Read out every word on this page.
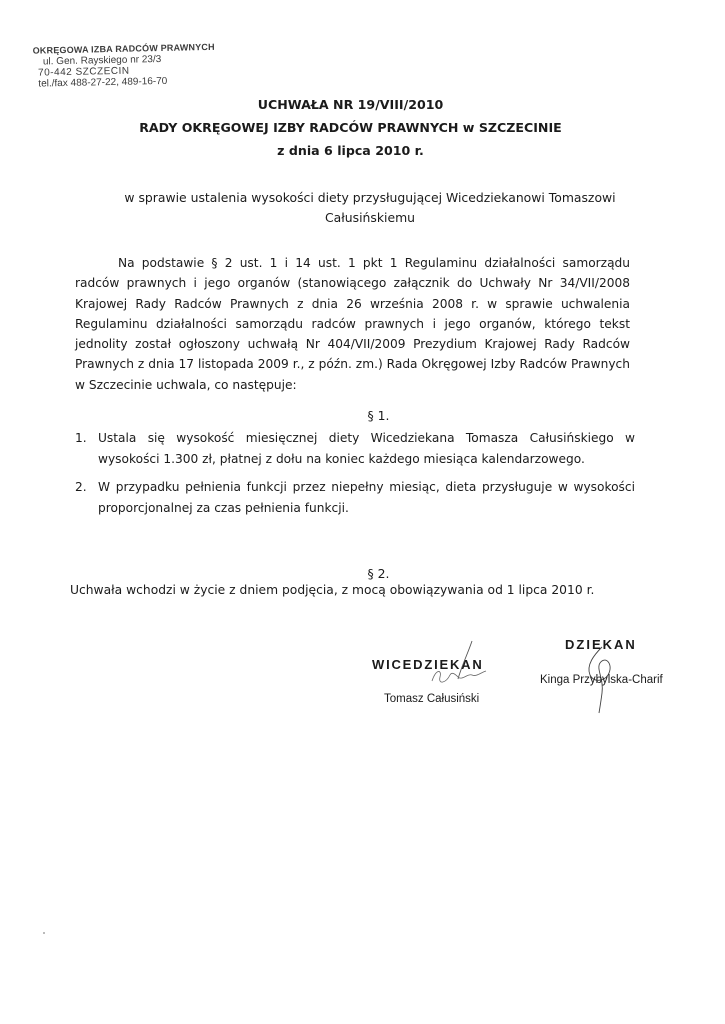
OKRĘGOWA IZBA RADCÓW PRAWNYCH
ul. Gen. Rayskiego nr 23/3
70-442 SZCZECIN
tel./fax 488-27-22, 489-16-70
UCHWAŁA NR 19/VIII/2010
RADY OKRĘGOWEJ IZBY RADCÓW PRAWNYCH w SZCZECINIE
z dnia 6 lipca 2010 r.
w sprawie ustalenia wysokości diety przysługującej Wicedziekanowi Tomaszowi Całusińskiemu
Na podstawie § 2 ust. 1 i 14 ust. 1 pkt 1 Regulaminu działalności samorządu radców prawnych i jego organów (stanowiącego załącznik do Uchwały Nr 34/VII/2008 Krajowej Rady Radców Prawnych z dnia 26 września 2008 r. w sprawie uchwalenia Regulaminu działalności samorządu radców prawnych i jego organów, którego tekst jednolity został ogłoszony uchwałą Nr 404/VII/2009 Prezydium Krajowej Rady Radców Prawnych z dnia 17 listopada 2009 r., z późn. zm.) Rada Okręgowej Izby Radców Prawnych w Szczecinie uchwala, co następuje:
§ 1.
1. Ustala się wysokość miesięcznej diety Wicedziekana Tomasza Całusińskiego w wysokości 1.300 zł, płatnej z dołu na koniec każdego miesiąca kalendarzowego.
2. W przypadku pełnienia funkcji przez niepełny miesiąc, dieta przysługuje w wysokości proporcjonalnej za czas pełnienia funkcji.
§ 2.
Uchwała wchodzi w życie z dniem podjęcia, z mocą obowiązywania od 1 lipca 2010 r.
WICEDZIEKAN
Tomasz Całusiński
DZIEKAN
Kinga Przybylska-Charif
